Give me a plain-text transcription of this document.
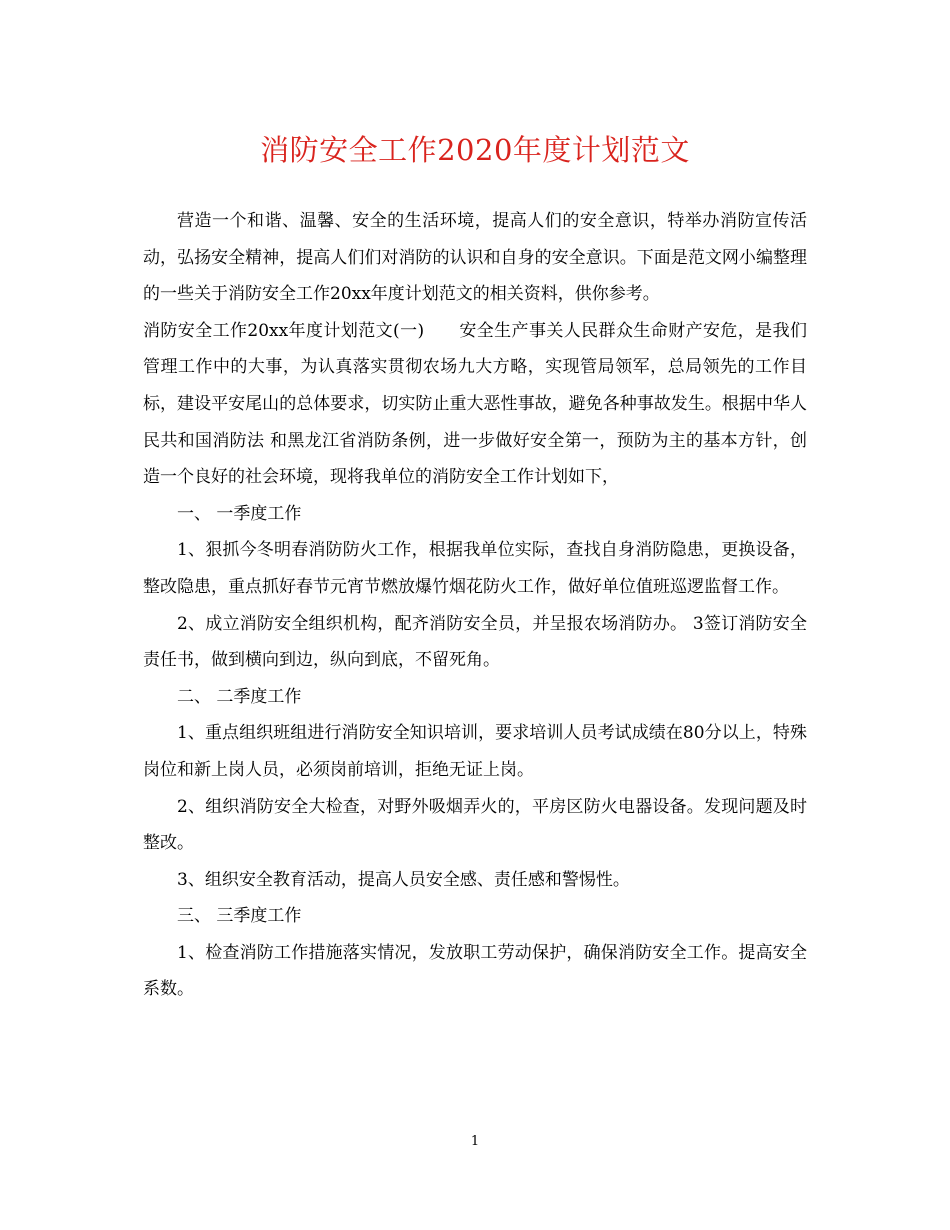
消防安全工作2020年度计划范文

营造一个和谐、温馨、安全的生活环境，提高人们的安全意识，特举办消防宣传活动，弘扬安全精神，提高人们们对消防的认识和自身的安全意识。下面是范文网小编整理的一些关于消防安全工作20xx年度计划范文的相关资料，供你参考。

消防安全工作20xx年度计划范文(一)　　安全生产事关人民群众生命财产安危，是我们管理工作中的大事，为认真落实贯彻农场九大方略，实现管局领军，总局领先的工作目标，建设平安尾山的总体要求，切实防止重大恶性事故，避免各种事故发生。根据中华人民共和国消防法 和黑龙江省消防条例，进一步做好安全第一，预防为主的基本方针，创造一个良好的社会环境，现将我单位的消防安全工作计划如下，

一、 一季度工作

1、狠抓今冬明春消防防火工作，根据我单位实际，查找自身消防隐患，更换设备，整改隐患，重点抓好春节元宵节燃放爆竹烟花防火工作，做好单位值班巡逻监督工作。

2、成立消防安全组织机构，配齐消防安全员，并呈报农场消防办。 3签订消防安全责任书，做到横向到边，纵向到底，不留死角。

二、 二季度工作

1、重点组织班组进行消防安全知识培训，要求培训人员考试成绩在80分以上，特殊岗位和新上岗人员，必须岗前培训，拒绝无证上岗。

2、组织消防安全大检查，对野外吸烟弄火的，平房区防火电器设备。发现问题及时整改。

3、组织安全教育活动，提高人员安全感、责任感和警惕性。

三、 三季度工作

1、检查消防工作措施落实情况，发放职工劳动保护，确保消防安全工作。提高安全系数。

1
